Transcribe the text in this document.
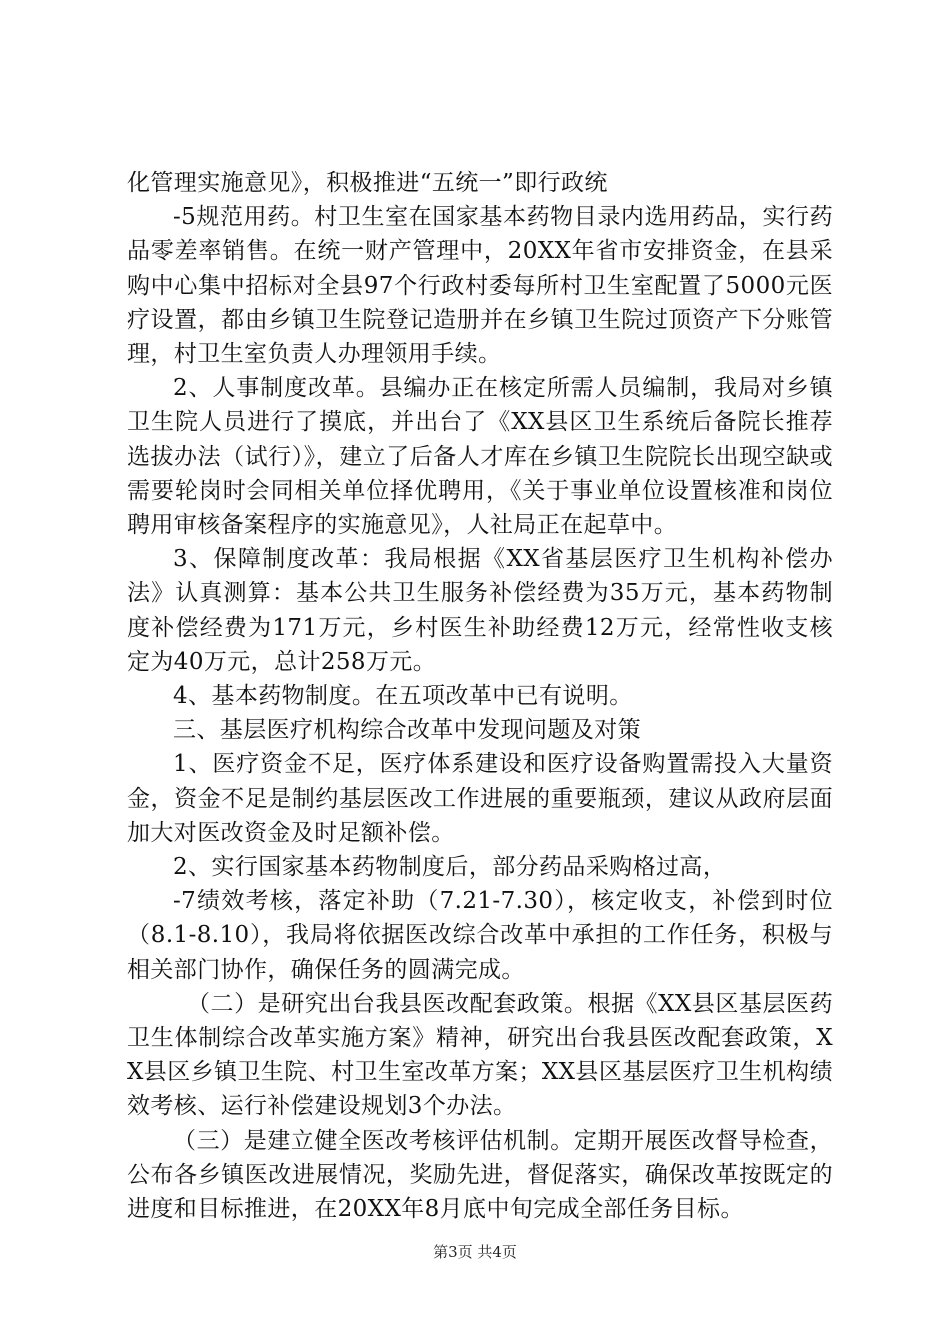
化管理实施意见》，积极推进“五统一”即行政统

-5规范用药。村卫生室在国家基本药物目录内选用药品，实行药品零差率销售。在统一财产管理中，20XX年省市安排资金，在县采购中心集中招标对全县97个行政村委每所村卫生室配置了5000元医疗设置，都由乡镇卫生院登记造册并在乡镇卫生院过顶资产下分账管理，村卫生室负责人办理领用手续。

2、人事制度改革。县编办正在核定所需人员编制，我局对乡镇卫生院人员进行了摸底，并出台了《XX县区卫生系统后备院长推荐选拔办法（试行）》，建立了后备人才库在乡镇卫生院院长出现空缺或需要轮岗时会同相关单位择优聘用，《关于事业单位设置核准和岗位聘用审核备案程序的实施意见》，人社局正在起草中。

3、保障制度改革：我局根据《XX省基层医疗卫生机构补偿办法》认真测算：基本公共卫生服务补偿经费为35万元，基本药物制度补偿经费为171万元，乡村医生补助经费12万元，经常性收支核定为40万元，总计258万元。

4、基本药物制度。在五项改革中已有说明。

三、基层医疗机构综合改革中发现问题及对策

1、医疗资金不足，医疗体系建设和医疗设备购置需投入大量资金，资金不足是制约基层医改工作进展的重要瓶颈，建议从政府层面加大对医改资金及时足额补偿。

2、实行国家基本药物制度后，部分药品采购格过高，

-7绩效考核，落定补助（7.21-7.30），核定收支，补偿到时位（8.1-8.10），我局将依据医改综合改革中承担的工作任务，积极与相关部门协作，确保任务的圆满完成。

（二）是研究出台我县医改配套政策。根据《XX县区基层医药卫生体制综合改革实施方案》精神，研究出台我县医改配套政策，XX县区乡镇卫生院、村卫生室改革方案；XX县区基层医疗卫生机构绩效考核、运行补偿建设规划3个办法。

（三）是建立健全医改考核评估机制。定期开展医改督导检查，公布各乡镇医改进展情况，奖励先进，督促落实，确保改革按既定的进度和目标推进，在20XX年8月底中旬完成全部任务目标。

第3页 共4页
